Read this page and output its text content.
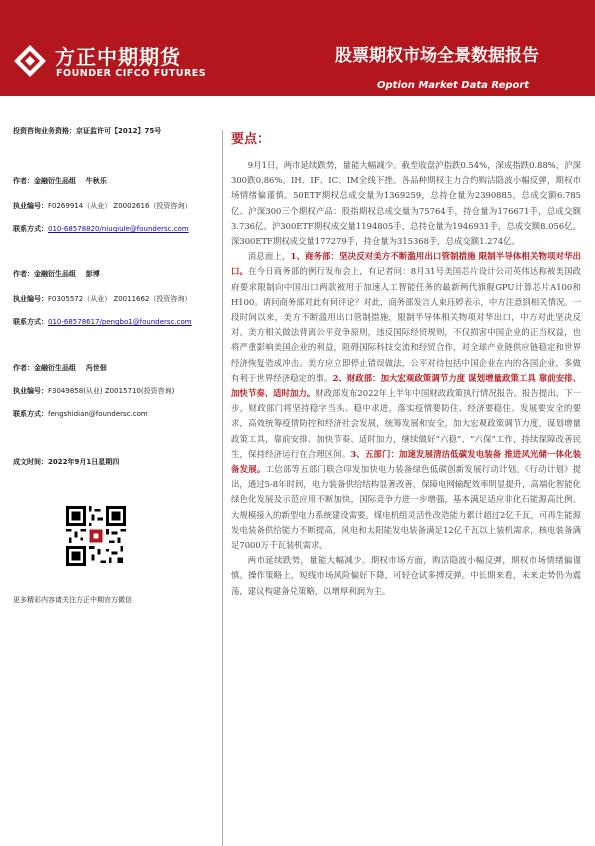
方正中期期货
FOUNDER CIFCO FUTURES
股票期权市场全景数据报告
Option Market Data Report
投资咨询业务资格：京证监许可【2012】75号
作者：金融衍生品组 牛秋乐
执业编号：F0269914（从业） Z0002616（投资咨询）
联系方式：010-68578820/niuqiule@foundersc.com
作者：金融衍生品组 彭博
执业编号：F0305572（从业） Z0011662（投资咨询）
联系方式：010-68578617/pengbo1@foundersc.com
作者：金融衍生品组 冯世佃
执业编号：F3049858(从业) Z0015710(投资咨询)
联系方式：fengshidian@foundersc.com
成文时间：2022年9月1日星期四
更多精彩内容请关注方正中期官方微信
要点：

9月1日，两市延续跌势，量能大幅减少。截至收盘沪指跌0.54%，深成指跌0.88%，沪深300跌0.86%。IH、IF、IC、IM全线下挫。各品种期权主力合约购沽隐波小幅反弹，期权市场情绪偏谨慎。50ETF期权总成交量为1369259，总持仓量为2390885，总成交额6.785亿。沪深300三个期权产品：股指期权总成交量为75764手，持仓量为176671手，总成交额3.736亿。沪300ETF期权成交量1194805手，总持仓量为1946931手，总成交额8.056亿。深300ETF期权成交量177279手，持仓量为315368手，总成交额1.274亿。

消息面上，1、商务部：坚决反对美方不断滥用出口管制措施 限制半导体相关物项对华出口。在今日商务部的例行发布会上，有记者问：8月31号美国芯片设计公司英伟达称被美国政府要求限制向中国出口两款被用于加速人工智能任务的最新两代旗舰GPU计算芯片A100和H100。请问商务部对此有何评论？对此，商务部发言人束珏婷表示，中方注意到相关情况。一段时间以来，美方不断滥用出口管制措施，限制半导体相关物项对华出口，中方对此坚决反对。美方相关做法背离公平竞争原则，违反国际经贸规则，不仅损害中国企业的正当权益，也将严重影响美国企业的利益，阻碍国际科技交流和经贸合作，对全球产业链供应链稳定和世界经济恢复造成冲击。美方应立即停止错误做法，公平对待包括中国企业在内的各国企业，多做有利于世界经济稳定的事。2、财政部：加大宏观政策调节力度 谋划增量政策工具 靠前安排、加快节奏、适时加力。财政部发布2022年上半年中国财政政策执行情况报告。报告提出，下一步，财政部门将坚持稳字当头、稳中求进，落实疫情要防住、经济要稳住、发展要安全的要求，高效统筹疫情防控和经济社会发展，统筹发展和安全，加大宏观政策调节力度，谋划增量政策工具，靠前安排、加快节奏、适时加力，继续做好“六稳”、“六保”工作，持续保障改善民生，保持经济运行在合理区间。3、五部门：加速发展清洁低碳发电装备 推进风光储一体化装备发展。工信部等五部门联合印发加快电力装备绿色低碳创新发展行动计划。《行动计划》提出，通过5-8年时间，电力装备供给结构显著改善，保障电网输配效率明显提升，高端化智能化绿色化发展及示范应用不断加快，国际竞争力进一步增强，基本满足适应非化石能源高比例、大规模接入的新型电力系统建设需要。煤电机组灵活性改造能力累计超过2亿千瓦，可再生能源发电装备供给能力不断提高，风电和太阳能发电装备满足12亿千瓦以上装机需求，核电装备满足7000万千瓦装机需求。

两市延续跌势，量能大幅减少。期权市场方面，购沽隐波小幅反弹，期权市场情绪偏谨慎。操作策略上，短线市场风险偏好下降，可轻仓试多搏反弹。中长期来看，未来走势仍为震荡，建议构建备兑策略，以增厚利润为主。
